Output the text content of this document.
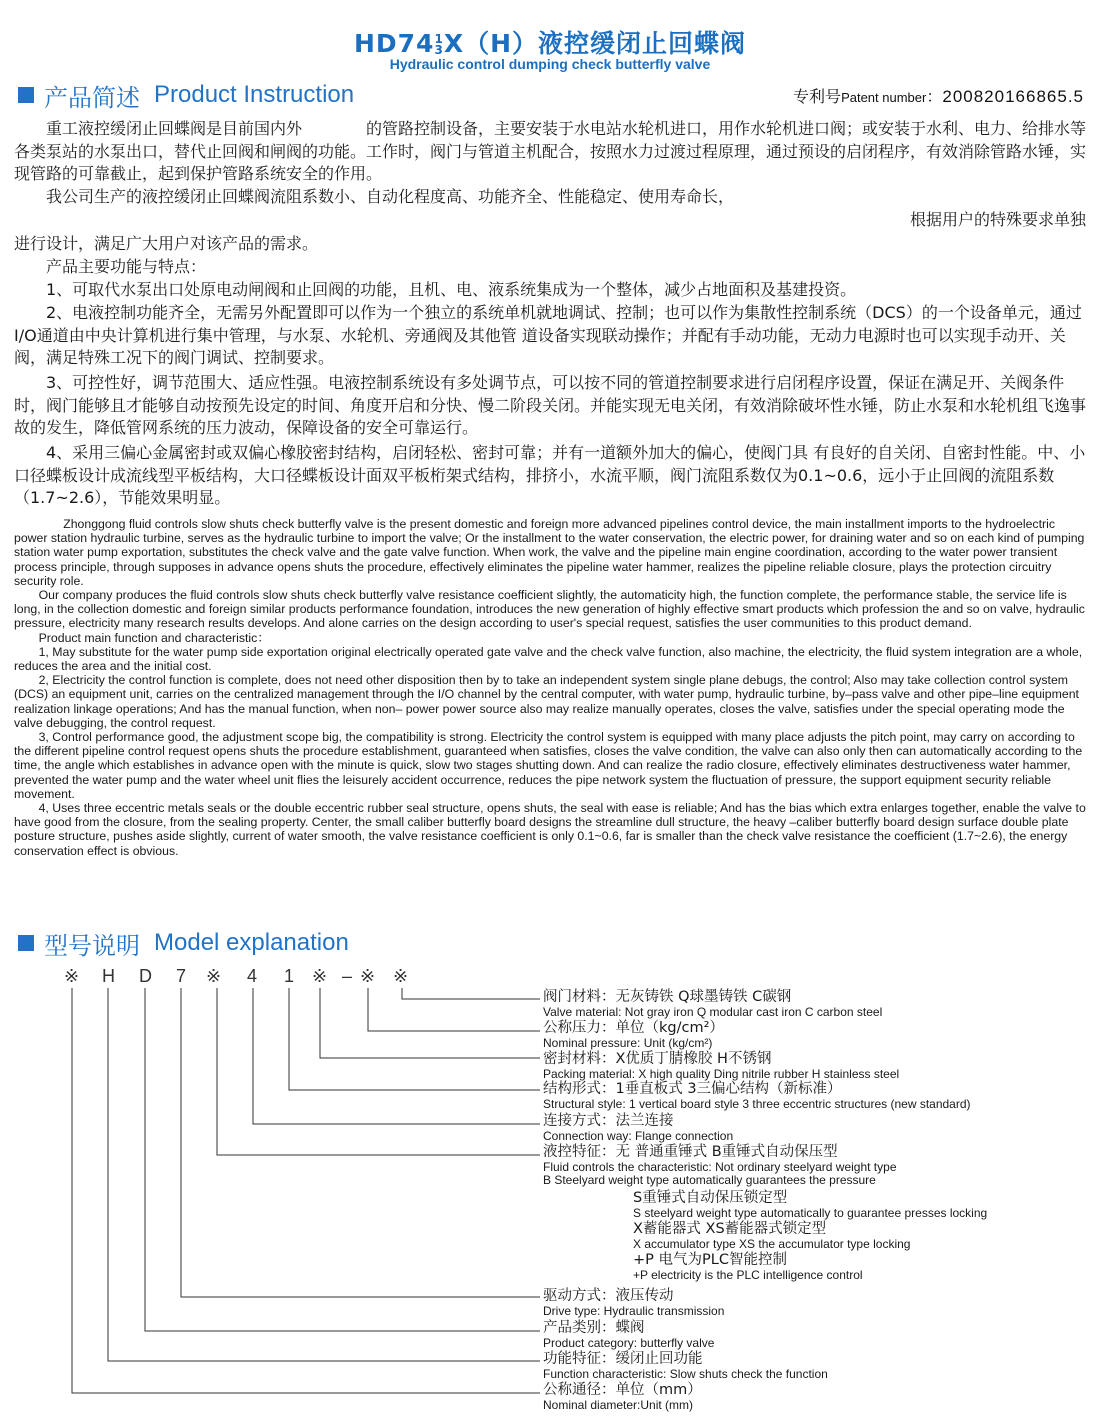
HD741
3X（H）液控缓闭止回蝶阀
Hydraulic control dumping check butterfly valve
产品简述 Product Instruction	专利号Patent number：200820166865.5

　　重工液控缓闭止回蝶阀是目前国内外　　　　的管路控制设备，主要安装于水电站水轮机进口，用作水轮机进口阀；或安装于水利、电力、给排水等各类泵站的水泵出口，替代止回阀和闸阀的功能。工作时，阀门与管道主机配合，按照水力过渡过程原理，通过预设的启闭程序，有效消除管路水锤，实现管路的可靠截止，起到保护管路系统安全的作用。

　　我公司生产的液控缓闭止回蝶阀流阻系数小、自动化程度高、功能齐全、性能稳定、使用寿命长，

根据用户的特殊要求单独

进行设计，满足广大用户对该产品的需求。

　　产品主要功能与特点：

　　1、可取代水泵出口处原电动闸阀和止回阀的功能，且机、电、液系统集成为一个整体，减少占地面积及基建投资。

　　2、电液控制功能齐全，无需另外配置即可以作为一个独立的系统单机就地调试、控制；也可以作为集散性控制系统（DCS）的一个设备单元，通过I/O通道由中央计算机进行集中管理，与水泵、水轮机、旁通阀及其他管 道设备实现联动操作；并配有手动功能，无动力电源时也可以实现手动开、关阀，满足特殊工况下的阀门调试、控制要求。

　　3、可控性好，调节范围大、适应性强。电液控制系统设有多处调节点，可以按不同的管道控制要求进行启闭程序设置，保证在满足开、关阀条件时，阀门能够且才能够自动按预先设定的时间、角度开启和分快、慢二阶段关闭。并能实现无电关闭，有效消除破坏性水锤，防止水泵和水轮机组飞逸事故的发生，降低管网系统的压力波动，保障设备的安全可靠运行。

　　4、采用三偏心金属密封或双偏心橡胶密封结构，启闭轻松、密封可靠；并有一道额外加大的偏心，使阀门具 有良好的自关闭、自密封性能。中、小口径蝶板设计成流线型平板结构，大口径蝶板设计面双平板桁架式结构，排挤小，水流平顺，阀门流阻系数仅为0.1~0.6，远小于止回阀的流阻系数（1.7~2.6），节能效果明显。

　　　　Zhonggong fluid controls slow shuts check butterfly valve is the present domestic and foreign more advanced pipelines control device, the main installment imports to the hydroelectric power station hydraulic turbine, serves as the hydraulic turbine to import the valve; Or the installment to the water conservation, the electric power, for draining water and so on each kind of pumping station water pump exportation, substitutes the check valve and the gate valve function. When work, the valve and the pipeline main engine coordination, according to the water power transient process principle, through supposes in advance opens shuts the procedure, effectively eliminates the pipeline water hammer, realizes the pipeline reliable closure, plays the protection circuitry security role.

　　Our company produces the fluid controls slow shuts check butterfly valve resistance coefficient slightly, the automaticity high, the function complete, the performance stable, the service life is long, in the collection domestic and foreign similar products performance foundation, introduces the new generation of highly effective smart products which profession the and so on valve, hydraulic pressure, electricity many research results develops. And alone carries on the design according to user's special request, satisfies the user communities to this product demand.

　　Product main function and characteristic：

　　1, May substitute for the water pump side exportation original electrically operated gate valve and the check valve function, also machine, the electricity, the fluid system integration are a whole, reduces the area and the initial cost.

　　2, Electricity the control function is complete, does not need other disposition then by to take an independent system single plane debugs, the control; Also may take collection control system (DCS) an equipment unit, carries on the centralized management through the I/O channel by the central computer, with water pump, hydraulic turbine, by–pass valve and other pipe–line equipment realization linkage operations; And has the manual function, when non– power power source also may realize manually operates, closes the valve, satisfies under the special operating mode the valve debugging, the control request.

　　3, Control performance good, the adjustment scope big, the compatibility is strong. Electricity the control system is equipped with many place adjusts the pitch point, may carry on according to the different pipeline control request opens shuts the procedure establishment, guaranteed when satisfies, closes the valve condition, the valve can also only then can automatically according to the time, the angle which establishes in advance open with the minute is quick, slow two stages shutting down. And can realize the radio closure, effectively eliminates destructiveness water hammer, prevented the water pump and the water wheel unit flies the leisurely accident occurrence, reduces the pipe network system the fluctuation of pressure, the support equipment security reliable movement.

　　4, Uses three eccentric metals seals or the double eccentric rubber seal structure, opens shuts, the seal with ease is reliable; And has the bias which extra enlarges together, enable the valve to have good from the closure, from the sealing property. Center, the small caliber butterfly board designs the streamline dull structure, the heavy –caliber butterfly board design surface double plate posture structure, pushes aside slightly, current of water smooth, the valve resistance coefficient is only 0.1~0.6, far is smaller than the check valve resistance the coefficient (1.7~2.6), the energy conservation effect is obvious.

型号说明 Model explanation
※ H D 7 ※ 4 1 ※ – ※ ※
阀门材料：无灰铸铁 Q球墨铸铁 C碳钢
Valve material: Not gray iron Q modular cast iron C carbon steel
公称压力：单位（kg/cm²）
Nominal pressure: Unit (kg/cm²)
密封材料：X优质丁腈橡胶 H不锈钢
Packing material: X high quality Ding nitrile rubber H stainless steel
结构形式：1垂直板式 3三偏心结构（新标准）
Structural style: 1 vertical board style 3 three eccentric structures (new standard)
连接方式：法兰连接
Connection way: Flange connection
液控特征：无 普通重锤式 B重锤式自动保压型
Fluid controls the characteristic: Not ordinary steelyard weight type
B Steelyard weight type automatically guarantees the pressure
S重锤式自动保压锁定型
S steelyard weight type automatically to guarantee presses locking
X蓄能器式 XS蓄能器式锁定型
X accumulator type XS the accumulator type locking
+P 电气为PLC智能控制
+P electricity is the PLC intelligence control
驱动方式：液压传动
Drive type: Hydraulic transmission
产品类别：蝶阀
Product category: butterfly valve
功能特征：缓闭止回功能
Function characteristic: Slow shuts check the function
公称通径：单位（mm）
Nominal diameter:Unit (mm)
